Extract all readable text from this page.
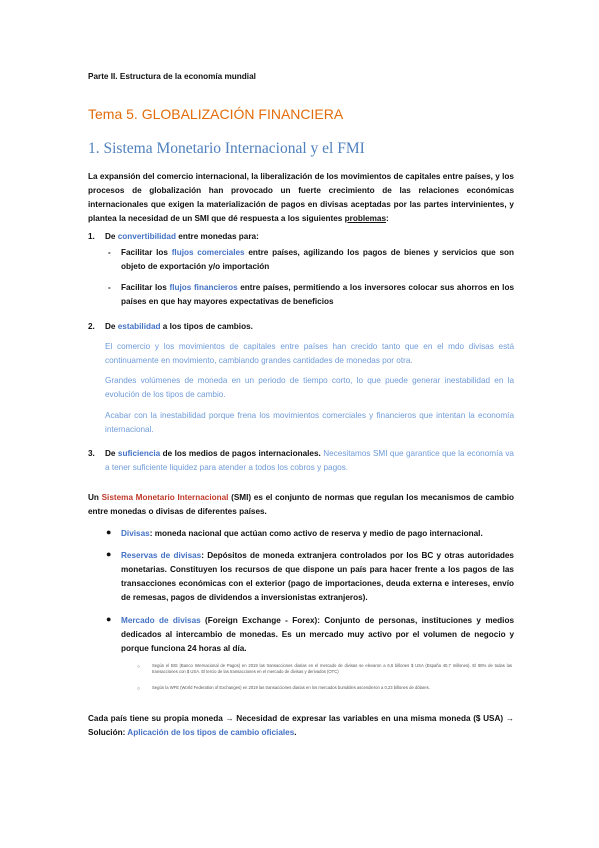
Parte II. Estructura de la economía mundial
Tema 5. GLOBALIZACIÓN FINANCIERA
1. Sistema Monetario Internacional y el FMI
La expansión del comercio internacional, la liberalización de los movimientos de capitales entre países, y los procesos de globalización han provocado un fuerte crecimiento de las relaciones económicas internacionales que exigen la materialización de pagos en divisas aceptadas por las partes intervinientes, y plantea la necesidad de un SMI que dé respuesta a los siguientes problemas:
1. De convertibilidad entre monedas para:
- Facilitar los flujos comerciales entre países, agilizando los pagos de bienes y servicios que son objeto de exportación y/o importación
- Facilitar los flujos financieros entre países, permitiendo a los inversores colocar sus ahorros en los países en que hay mayores expectativas de beneficios
2. De estabilidad a los tipos de cambios.
El comercio y los movimientos de capitales entre países han crecido tanto que en el mdo divisas está continuamente en movimiento, cambiando grandes cantidades de monedas por otra.
Grandes volúmenes de moneda en un periodo de tiempo corto, lo que puede generar inestabilidad en la evolución de los tipos de cambio.
Acabar con la inestabilidad porque frena los movimientos comerciales y financieros que intentan la economía internacional.
3. De suficiencia de los medios de pagos internacionales. Necesitamos SMI que garantice que la economía va a tener suficiente liquidez para atender a todos los cobros y pagos.
Un Sistema Monetario Internacional (SMI) es el conjunto de normas que regulan los mecanismos de cambio entre monedas o divisas de diferentes países.
● Divisas: moneda nacional que actúan como activo de reserva y medio de pago internacional.
● Reservas de divisas: Depósitos de moneda extranjera controlados por los BC y otras autoridades monetarias. Constituyen los recursos de que dispone un país para hacer frente a los pagos de las transacciones económicas con el exterior (pago de importaciones, deuda externa e intereses, envío de remesas, pagos de dividendos a inversionistas extranjeros).
● Mercado de divisas (Foreign Exchange - Forex): Conjunto de personas, instituciones y medios dedicados al intercambio de monedas. Es un mercado muy activo por el volumen de negocio y porque funciona 24 horas al día.
○	Según el BIS (Banco Internacional de Pagos) en 2019 las transacciones diarias en el mercado de divisas se elevaron a 6,6 billones $ USA (España 40,7 millones). El 88% de todas las transacciones con $ USA. El tercio de las transacciones en el mercado de divisas y derivados (OTC)
○	Según la WFE (World Federation of Exchanges) en 2019 las transacciones diarias en los mercados bursátiles ascendieron a 0,23 billones de dólares.
Cada país tiene su propia moneda → Necesidad de expresar las variables en una misma moneda ($ USA) → Solución: Aplicación de los tipos de cambio oficiales.
